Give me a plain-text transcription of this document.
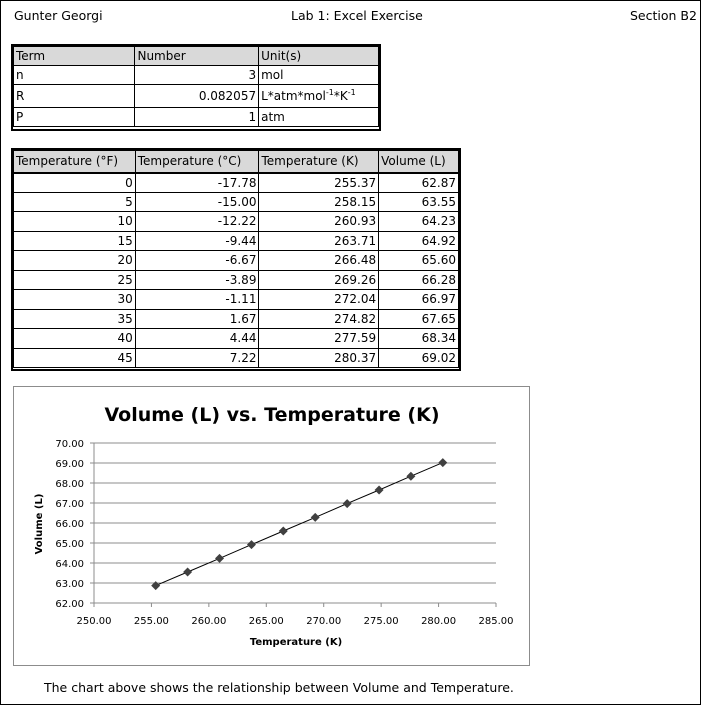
Gunter Georgi	Lab 1: Excel Exercise	Section B2
Term	Number	Unit(s)
n	3	mol
R	0.082057	$L*atm*mol^{-1}*K^{-1}$
P	1	atm
Temperature (°F)	Temperature (°C)	Temperature (K)	Volume (L)
0	-17.78	255.37	62.87
5	-15.00	258.15	63.55
10	-12.22	260.93	64.23
15	-9.44	263.71	64.92
20	-6.67	266.48	65.60
25	-3.89	269.26	66.28
30	-1.11	272.04	66.97
35	1.67	274.82	67.65
40	4.44	277.59	68.34
45	7.22	280.37	69.02
Volume (L) vs. Temperature (K)
Temperature (K)
Volume (L)
62.00
63.00
64.00
65.00
66.00
67.00
68.00
69.00
70.00
250.00 255.00 260.00 265.00 270.00 275.00 280.00 285.00
The chart above shows the relationship between Volume and Temperature.
